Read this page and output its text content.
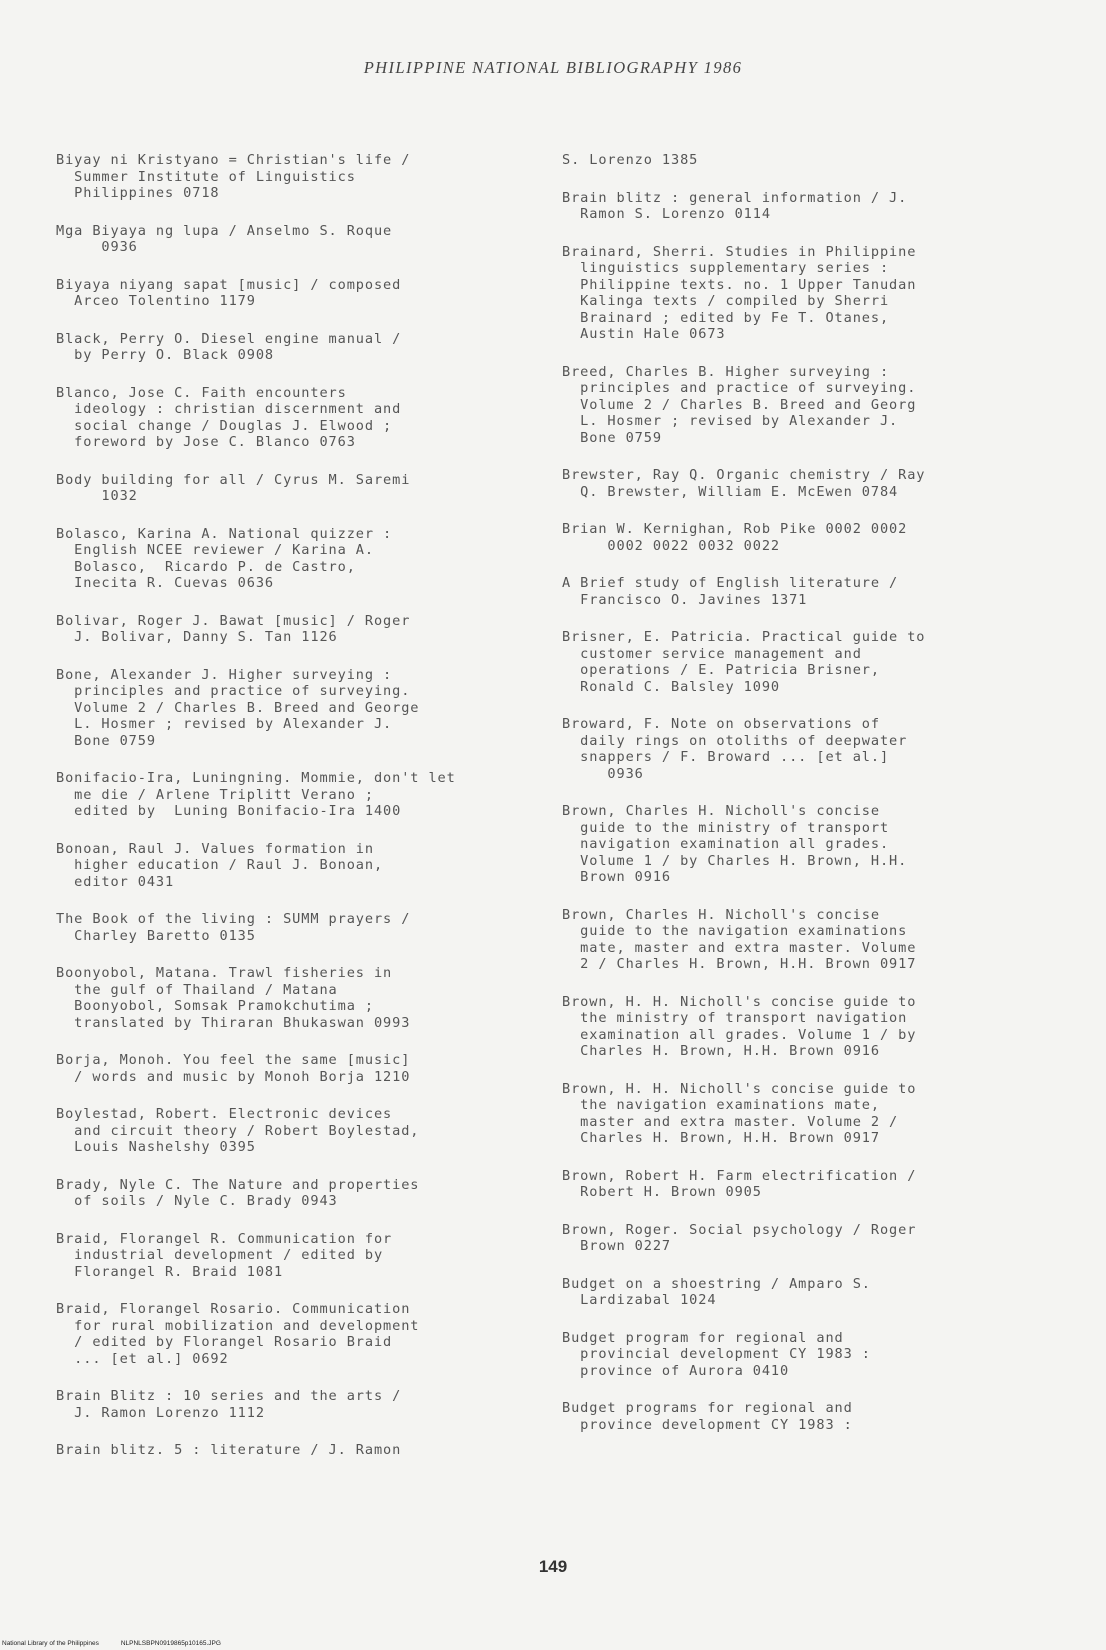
PHILIPPINE NATIONAL BIBLIOGRAPHY 1986
Biyay ni Kristyano = Christian's life /
Summer Institute of Linguistics
Philippines 0718
Mga Biyaya ng lupa / Anselmo S. Roque
0936
Biyaya niyang sapat [music] / composed
Arceo Tolentino 1179
Black, Perry O. Diesel engine manual /
by Perry O. Black 0908
Blanco, Jose C. Faith encounters
ideology : christian discernment and
social change / Douglas J. Elwood ;
foreword by Jose C. Blanco 0763
Body building for all / Cyrus M. Saremi
1032
Bolasco, Karina A. National quizzer :
English NCEE reviewer / Karina A.
Bolasco,  Ricardo P. de Castro,
Inecita R. Cuevas 0636
Bolivar, Roger J. Bawat [music] / Roger
J. Bolivar, Danny S. Tan 1126
Bone, Alexander J. Higher surveying :
principles and practice of surveying.
Volume 2 / Charles B. Breed and George
L. Hosmer ; revised by Alexander J.
Bone 0759
Bonifacio-Ira, Luningning. Mommie, don't let
me die / Arlene Triplitt Verano ;
edited by  Luning Bonifacio-Ira 1400
Bonoan, Raul J. Values formation in
higher education / Raul J. Bonoan,
editor 0431
The Book of the living : SUMM prayers /
Charley Baretto 0135
Boonyobol, Matana. Trawl fisheries in
the gulf of Thailand / Matana
Boonyobol, Somsak Pramokchutima ;
translated by Thiraran Bhukaswan 0993
Borja, Monoh. You feel the same [music]
/ words and music by Monoh Borja 1210
Boylestad, Robert. Electronic devices
and circuit theory / Robert Boylestad,
Louis Nashelshy 0395
Brady, Nyle C. The Nature and properties
of soils / Nyle C. Brady 0943
Braid, Florangel R. Communication for
industrial development / edited by
Florangel R. Braid 1081
Braid, Florangel Rosario. Communication
for rural mobilization and development
/ edited by Florangel Rosario Braid
... [et al.] 0692
Brain Blitz : 10 series and the arts /
J. Ramon Lorenzo 1112
Brain blitz. 5 : literature / J. Ramon
S. Lorenzo 1385
Brain blitz : general information / J.
Ramon S. Lorenzo 0114
Brainard, Sherri. Studies in Philippine
linguistics supplementary series :
Philippine texts. no. 1 Upper Tanudan
Kalinga texts / compiled by Sherri
Brainard ; edited by Fe T. Otanes,
Austin Hale 0673
Breed, Charles B. Higher surveying :
principles and practice of surveying.
Volume 2 / Charles B. Breed and Georg
L. Hosmer ; revised by Alexander J.
Bone 0759
Brewster, Ray Q. Organic chemistry / Ray
Q. Brewster, William E. McEwen 0784
Brian W. Kernighan, Rob Pike 0002 0002
0002 0022 0032 0022
A Brief study of English literature /
Francisco O. Javines 1371
Brisner, E. Patricia. Practical guide to
customer service management and
operations / E. Patricia Brisner,
Ronald C. Balsley 1090
Broward, F. Note on observations of
daily rings on otoliths of deepwater
snappers / F. Broward ... [et al.]
0936
Brown, Charles H. Nicholl's concise
guide to the ministry of transport
navigation examination all grades.
Volume 1 / by Charles H. Brown, H.H.
Brown 0916
Brown, Charles H. Nicholl's concise
guide to the navigation examinations
mate, master and extra master. Volume
2 / Charles H. Brown, H.H. Brown 0917
Brown, H. H. Nicholl's concise guide to
the ministry of transport navigation
examination all grades. Volume 1 / by
Charles H. Brown, H.H. Brown 0916
Brown, H. H. Nicholl's concise guide to
the navigation examinations mate,
master and extra master. Volume 2 /
Charles H. Brown, H.H. Brown 0917
Brown, Robert H. Farm electrification /
Robert H. Brown 0905
Brown, Roger. Social psychology / Roger
Brown 0227
Budget on a shoestring / Amparo S.
Lardizabal 1024
Budget program for regional and
provincial development CY 1983 :
province of Aurora 0410
Budget programs for regional and
province development CY 1983 :
149
National Library of the Philippines	NLPNLSBPN0919865p10165.JPG
